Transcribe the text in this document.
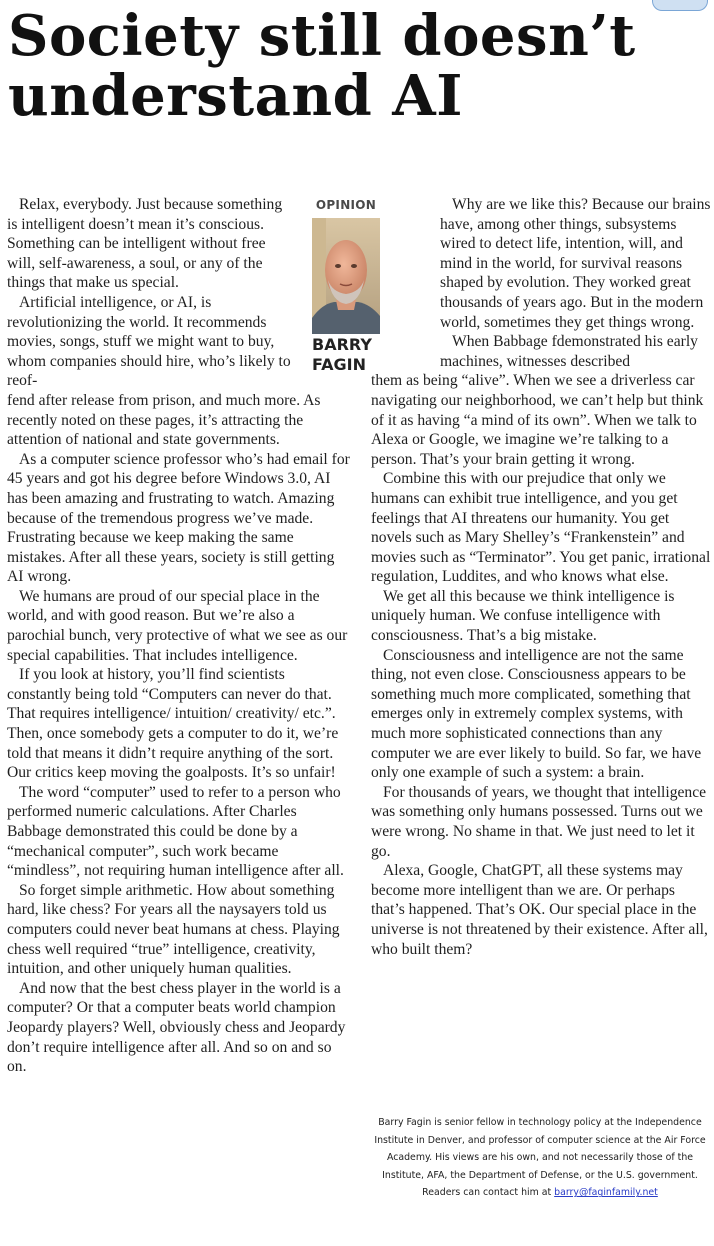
Society still doesn’t
understand AI

Relax, everybody. Just because something is intelligent doesn’t mean it’s conscious. Something can be intelligent without free will, self-awareness, a soul, or any of the things that make us special.

Artificial intelligence, or AI, is revolutionizing the world. It recommends movies, songs, stuff we might want to buy, whom companies should hire, who’s likely to reof-

fend after release from prison, and much more. As recently noted on these pages, it’s attracting the attention of national and state governments.

As a computer science professor who’s had email for 45 years and got his degree before Windows 3.0, AI has been amazing and frustrating to watch. Amazing because of the tremendous progress we’ve made. Frustrating because we keep making the same mistakes. After all these years, society is still getting AI wrong.

We humans are proud of our special place in the world, and with good reason. But we’re also a parochial bunch, very protective of what we see as our special capabilities. That includes intelligence.

If you look at history, you’ll find scientists constantly being told “Computers can never do that. That requires intelligence/ intuition/ creativity/ etc.”. Then, once somebody gets a computer to do it, we’re told that means it didn’t require anything of the sort. Our critics keep moving the goalposts. It’s so unfair!

The word “computer” used to refer to a person who performed numeric calculations. After Charles Babbage demonstrated this could be done by a “mechanical computer”, such work became “mindless”, not requiring human intelligence after all.

So forget simple arithmetic. How about something hard, like chess? For years all the naysayers told us computers could never beat humans at chess. Playing chess well required “true” intelligence, creativity, intuition, and other uniquely human qualities.

And now that the best chess player in the world is a computer? Or that a computer beats world champion Jeopardy players? Well, obviously chess and Jeopardy don’t require intelligence after all. And so on and so on.

OPINION
BARRY
FAGIN

Why are we like this? Because our brains have, among other things, subsystems wired to detect life, intention, will, and mind in the world, for survival reasons shaped by evolution. They worked great thousands of years ago. But in the modern world, sometimes they get things wrong.

When Babbage fdemonstrated his early machines, witnesses described

them as being “alive”. When we see a driverless car navigating our neighborhood, we can’t help but think of it as having “a mind of its own”. When we talk to Alexa or Google, we imagine we’re talking to a person. That’s your brain getting it wrong.

Combine this with our prejudice that only we humans can exhibit true intelligence, and you get feelings that AI threatens our humanity. You get novels such as Mary Shelley’s “Frankenstein” and movies such as “Terminator”. You get panic, irrational regulation, Luddites, and who knows what else.

We get all this because we think intelligence is uniquely human. We confuse intelligence with consciousness. That’s a big mistake.

Consciousness and intelligence are not the same thing, not even close. Consciousness appears to be something much more complicated, something that emerges only in extremely complex systems, with much more sophisticated connections than any computer we are ever likely to build. So far, we have only one example of such a system: a brain.

For thousands of years, we thought that intelligence was something only humans possessed. Turns out we were wrong. No shame in that. We just need to let it go.

Alexa, Google, ChatGPT, all these systems may become more intelligent than we are. Or perhaps that’s happened. That’s OK. Our special place in the universe is not threatened by their existence. After all, who built them?

Barry Fagin is senior fellow in technology policy at the Independence Institute in Denver, and professor of computer science at the Air Force Academy. His views are his own, and not necessarily those of the Institute, AFA, the Department of Defense, or the U.S. government. Readers can contact him at barry@faginfamily.net
